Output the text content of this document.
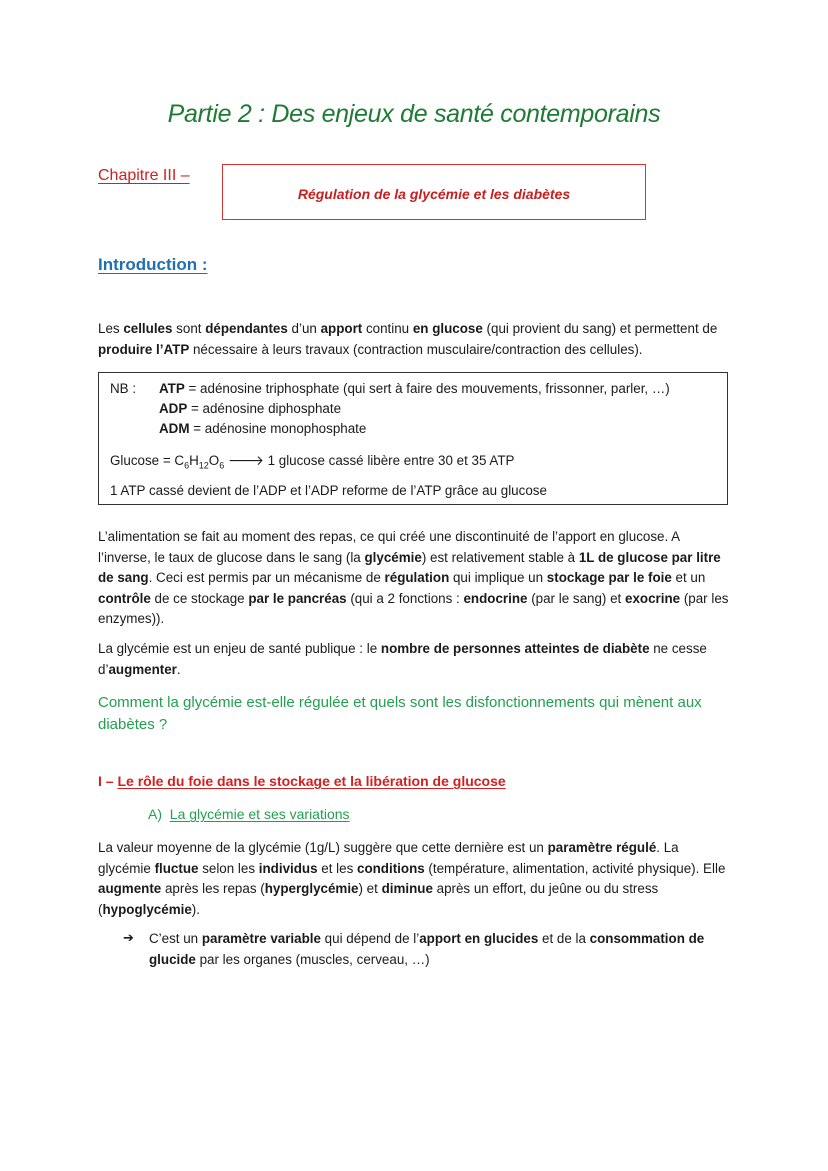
Partie 2 : Des enjeux de santé contemporains
Chapitre III –
Régulation de la glycémie et les diabètes
Introduction :
Les cellules sont dépendantes d’un apport continu en glucose (qui provient du sang) et permettent de produire l’ATP nécessaire à leurs travaux (contraction musculaire/contraction des cellules).
NB : ATP = adénosine triphosphate (qui sert à faire des mouvements, frissonner, parler, …)
ADP = adénosine diphosphate
ADM = adénosine monophosphate
$Glucose = C_6H_{12}O_6$ 🡒 1 glucose cassé libère entre 30 et 35 ATP
1 ATP cassé devient de l’ADP et l’ADP reforme de l’ATP grâce au glucose
L’alimentation se fait au moment des repas, ce qui créé une discontinuité de l’apport en glucose. A l’inverse, le taux de glucose dans le sang (la glycémie) est relativement stable à 1L de glucose par litre de sang. Ceci est permis par un mécanisme de régulation qui implique un stockage par le foie et un contrôle de ce stockage par le pancréas (qui a 2 fonctions : endocrine (par le sang) et exocrine (par les enzymes)).
La glycémie est un enjeu de santé publique : le nombre de personnes atteintes de diabète ne cesse d’augmenter.
Comment la glycémie est-elle régulée et quels sont les disfonctionnements qui mènent aux diabètes ?
I – Le rôle du foie dans le stockage et la libération de glucose
A)  La glycémie et ses variations
La valeur moyenne de la glycémie (1g/L) suggère que cette dernière est un paramètre régulé. La glycémie fluctue selon les individus et les conditions (température, alimentation, activité physique). Elle augmente après les repas (hyperglycémie) et diminue après un effort, du jeûne ou du stress (hypoglycémie).
➔ C’est un paramètre variable qui dépend de l’apport en glucides et de la consommation de glucide par les organes (muscles, cerveau, …)
